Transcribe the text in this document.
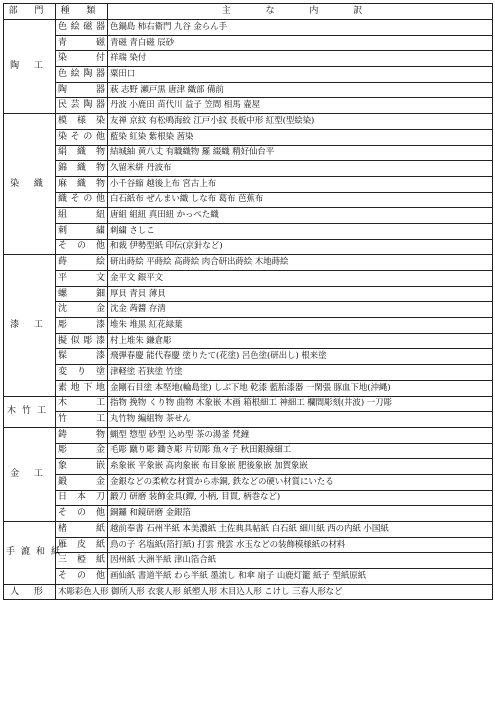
部 門	種 類	主 な 内 訳
陶 工	色絵磁器	色鍋島 柿右衛門 九谷 金らん手
	青 磁	青磁 青白磁 辰砂
	染 付	祥瑞 染付
	色絵陶器	粟田口
	陶 器	萩 志野 瀬戸黒 唐津 織部 備前
	民芸陶器	丹波 小鹿田 苗代川 益子 笠間 相馬 壷屋
染 織	模様染	友禅 京紋 有松鳴海絞 江戸小紋 長板中形 紅型(型絵染)
	染その他	藍染 紅染 紫根染 茜染
	絹織物	結城紬 黄八丈 有職織物 羅 綴織 精好仙台平
	錦織物	久留米絣 丹波布
	麻織物	小千谷縮 越後上布 宮古上布
	織その他	白石紙布 ぜんまい織 しな布 葛布 芭蕉布
	組 紐	唐組 組紐 真田紐 かっぺた織
	刺 繍	刺繍 さしこ
	その他	和裁 伊勢型紙 印伝(京針など)
漆 工	蒔 絵	研出蒔絵 平蒔絵 高蒔絵 肉合研出蒔絵 木地蒔絵
	平 文	金平文 銀平文
	螺 鈿	厚貝 青貝 薄貝
	沈 金	沈金 蒟醬 存清
	彫 漆	堆朱 堆黒 紅花緑葉
	擬似彫漆	村上堆朱 鎌倉彫
	髹 漆	飛弾春慶 能代春慶 塗りたて(花塗) 呂色塗(研出し) 根来塗
	変り塗	津軽塗 若狭塗 竹塗
	素地下地	金剛石目塗 本堅地(輪島塗) しぶ下地 乾漆 藍胎漆器 一閑張 豚血下地(沖縄)
木竹工	木 工	指物 挽物 くり物 曲物 木象嵌 木画 箱根細工 神細工 欄間彫刻(井波) 一刀彫
	竹 工	丸竹物 編組物 茶せん
金 工	鋳 物	蝋型 惣型 砂型 込め型 茶の湯釜 梵鐘
	彫 金	毛彫 蹴り彫 鋤き彫 片切彫 魚々子 秋田銀線細工
	象 嵌	糸象嵌 平象嵌 高肉象嵌 布目象嵌 肥後象嵌 加賀象嵌
	鍛 金	金銀などの柔軟な材質から赤銅, 鉄などの硬い材質にいたる
	日本刀	鍛刀 研磨 装飾金具(鐔, 小柄, 目貫, 柄巻など)
	その他	銅鑼 和鏡研磨 金銀箔
手漉和紙	楮 紙	越前奉書 石州半紙 本美濃紙 土佐典具帖紙 白石紙 細川紙 西の内紙 小国紙
	雁皮紙	鳥の子 名塩紙(箔打紙) 打雲 飛雲 水玉などの装飾模様紙の材料
	三椏紙	因州紙 大洲半紙 津山箔合紙
	その他	画仙紙 書道半紙 わら半紙 墨流し 和傘 扇子 山鹿灯籠 紙子 型紙原紙
人 形	木彫彩色人形 御所人形 衣裳人形 紙塑人形 木目込人形 こけし 三春人形など	
